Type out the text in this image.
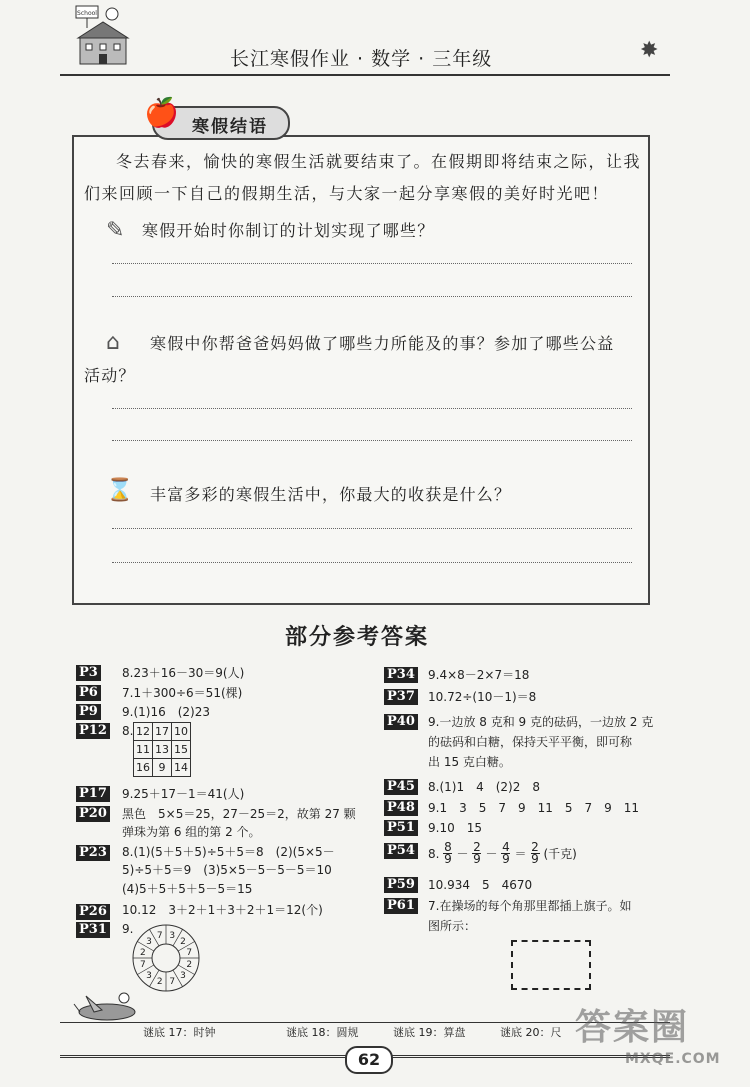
School
长江寒假作业 · 数学 · 三年级	✸
🍎 寒假结语
冬去春来，愉快的寒假生活就要结束了。在假期即将结束之际，让我们来回顾一下自己的假期生活，与大家一起分享寒假的美好时光吧！
✎ 寒假开始时你制订的计划实现了哪些？
⌂ 寒假中你帮爸爸妈妈做了哪些力所能及的事？参加了哪些公益
活动？
⌛ 丰富多彩的寒假生活中，你最大的收获是什么？
部分参考答案
P3 8.23＋16－30＝9(人)
P6 7.1＋300÷6＝51(棵)
P9 9.(1)16　(2)23
P12 8. 12	17	10
11	13	15
16	9	14
P17 9.25＋17－1＝41(人)
P20 黑色　5×5＝25，27－25＝2，故第 27 颗
弹珠为第 6 组的第 2 个。
P23 8.(1)(5＋5＋5)÷5＋5＝8　(2)(5×5－
5)÷5＋5＝9　(3)5×5－5－5－5＝10
(4)5＋5＋5＋5－5＝15
P26 10.12　3＋2＋1＋3＋2＋1＝12(个)
P31 9.	3
2
7
2
3
7
2
3
7
2
3
7
P34 9.4×8－2×7＝18
P37 10.72÷(10－1)＝8
P40 9.一边放 8 克和 9 克的砝码，一边放 2 克
的砝码和白糖，保持天平平衡，即可称
出 15 克白糖。
P45 8.(1)1　4　(2)2　8
P48 9.1　3　5　7　9　11　5　7　9　11
P51 9.10　15
P54 8. 8
9 － 2
9 － 4
9 ＝ 2
9 (千克)
P59 10.934　5　4670
P61 7.在操场的每个角那里都插上旗子。如
图所示：
谜底 17：时钟	谜底 18：圆规	谜底 19：算盘	谜底 20：尺
62
答案圈
MXQE.COM
